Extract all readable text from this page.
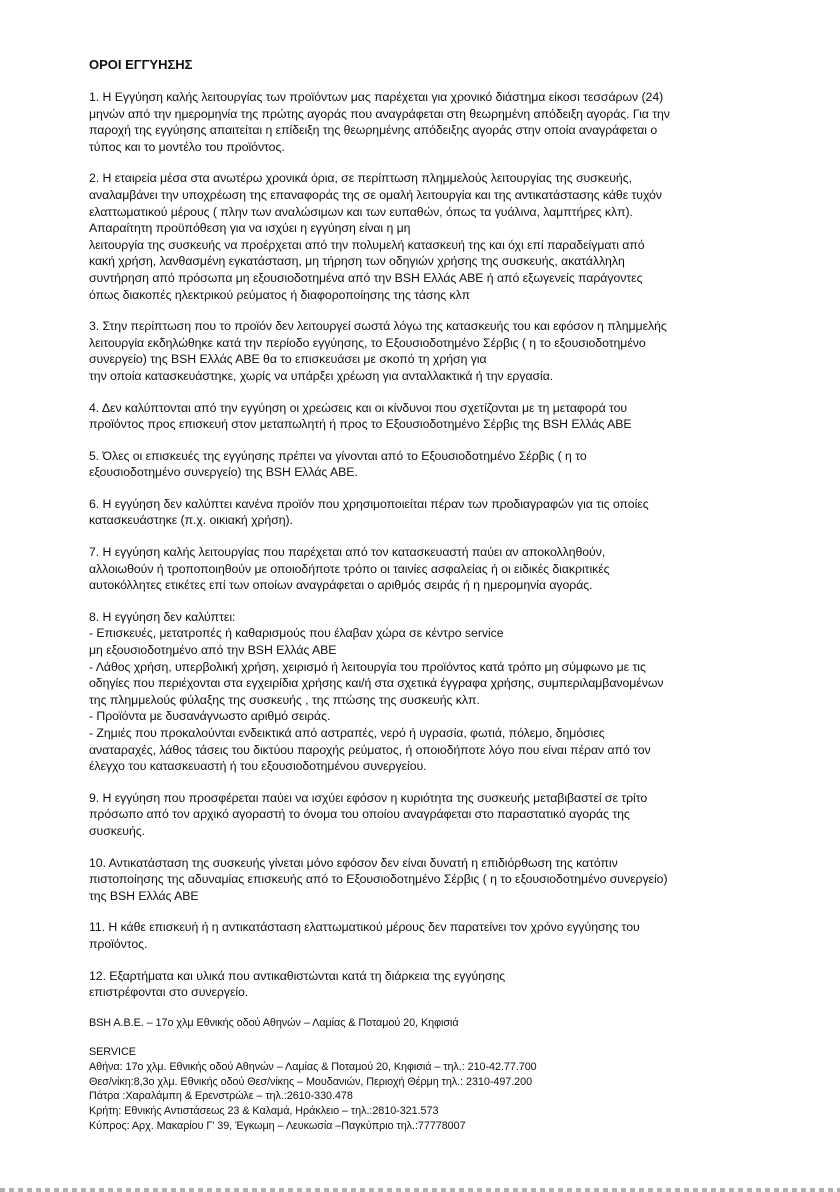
ΟΡΟΙ ΕΓΓΥΗΣΗΣ
1. Η Εγγύηση καλής λειτουργίας των προϊόντων μας παρέχεται για χρονικό διάστημα είκοσι τεσσάρων (24)
μηνών από την ημερομηνία της πρώτης αγοράς που αναγράφεται στη θεωρημένη απόδειξη αγοράς. Για την
παροχή της εγγύησης απαιτείται η επίδειξη της θεωρημένης απόδειξης αγοράς στην οποία αναγράφεται ο
τύπος και το μοντέλο του προϊόντος.
2. Η εταιρεία μέσα στα ανωτέρω χρονικά όρια, σε περίπτωση πλημμελούς λειτουργίας της συσκευής,
αναλαμβάνει την υποχρέωση της επαναφοράς της σε ομαλή λειτουργία και της αντικατάστασης κάθε τυχόν
ελαττωματικού μέρους ( πλην των αναλώσιμων και των ευπαθών, όπως τα γυάλινα, λαμπτήρες κλπ).
Απαραίτητη προϋπόθεση για να ισχύει η εγγύηση είναι η μη
λειτουργία της συσκευής να προέρχεται από την πολυμελή κατασκευή της και όχι επί παραδείγματι από
κακή χρήση, λανθασμένη εγκατάσταση, μη τήρηση των οδηγιών χρήσης της συσκευής, ακατάλληλη
συντήρηση από πρόσωπα μη εξουσιοδοτημένα από την BSH Ελλάς ΑΒΕ ή από εξωγενείς παράγοντες
όπως διακοπές ηλεκτρικού ρεύματος ή διαφοροποίησης της τάσης κλπ
3. Στην περίπτωση που το προϊόν δεν λειτουργεί σωστά λόγω της κατασκευής του και εφόσον η πλημμελής
λειτουργία εκδηλώθηκε κατά την περίοδο εγγύησης, το Εξουσιοδοτημένο Σέρβις ( η το εξουσιοδοτημένο
συνεργείο) της BSH Ελλάς ΑΒΕ θα το επισκευάσει με σκοπό τη χρήση για
την οποία κατασκευάστηκε, χωρίς να υπάρξει χρέωση για ανταλλακτικά ή την εργασία.
4. Δεν καλύπτονται από την εγγύηση οι χρεώσεις και οι κίνδυνοι που σχετίζονται με τη μεταφορά του
προϊόντος προς επισκευή στον μεταπωλητή ή προς το Εξουσιοδοτημένο Σέρβις της BSH Ελλάς ΑΒΕ
5. Όλες οι επισκευές της εγγύησης πρέπει να γίνονται από το Εξουσιοδοτημένο Σέρβις ( η το
εξουσιοδοτημένο συνεργείο) της BSH Ελλάς ΑΒΕ.
6. Η εγγύηση δεν καλύπτει κανένα προϊόν που χρησιμοποιείται πέραν των προδιαγραφών για τις οποίες
κατασκευάστηκε (π.χ. οικιακή χρήση).
7. Η εγγύηση καλής λειτουργίας που παρέχεται από τον κατασκευαστή παύει αν αποκολληθούν,
αλλοιωθούν ή τροποποιηθούν με οποιοδήποτε τρόπο οι ταινίες ασφαλείας ή οι ειδικές διακριτικές
αυτοκόλλητες ετικέτες επί των οποίων αναγράφεται ο αριθμός σειράς ή η ημερομηνία αγοράς.
8. Η εγγύηση δεν καλύπτει:
- Επισκευές, μετατροπές ή καθαρισμούς που έλαβαν χώρα σε κέντρο service
μη εξουσιοδοτημένο από την BSH Ελλάς ΑΒΕ
- Λάθος χρήση, υπερβολική χρήση, χειρισμό ή λειτουργία του προϊόντος κατά τρόπο μη σύμφωνο με τις
οδηγίες που περιέχονται στα εγχειρίδια χρήσης και/ή στα σχετικά έγγραφα χρήσης, συμπεριλαμβανομένων
της πλημμελούς φύλαξης της συσκευής , της πτώσης της συσκευής κλπ.
- Προϊόντα με δυσανάγνωστο αριθμό σειράς.
- Ζημιές που προκαλούνται ενδεικτικά από αστραπές, νερό ή υγρασία, φωτιά, πόλεμο, δημόσιες
αναταραχές, λάθος τάσεις του δικτύου παροχής ρεύματος, ή οποιοδήποτε λόγο που είναι πέραν από τον
έλεγχο του κατασκευαστή ή του εξουσιοδοτημένου συνεργείου.
9. Η εγγύηση που προσφέρεται παύει να ισχύει εφόσον η κυριότητα της συσκευής μεταβιβαστεί σε τρίτο
πρόσωπο από τον αρχικό αγοραστή το όνομα του οποίου αναγράφεται στο παραστατικό αγοράς της
συσκευής.
10. Αντικατάσταση της συσκευής γίνεται μόνο εφόσον δεν είναι δυνατή η επιδιόρθωση της κατόπιν
πιστοποίησης της αδυναμίας επισκευής από το Εξουσιοδοτημένο Σέρβις ( η το εξουσιοδοτημένο συνεργείο)
της BSH Ελλάς ΑΒΕ
11. Η κάθε επισκευή ή η αντικατάσταση ελαττωματικού μέρους δεν παρατείνει τον χρόνο εγγύησης του
προϊόντος.
12. Εξαρτήματα και υλικά που αντικαθιστώνται κατά τη διάρκεια της εγγύησης
επιστρέφονται στο συνεργείο.
BSH A.B.E. – 17ο χλμ Εθνικής οδού Αθηνών – Λαμίας & Ποταμού 20, Κηφισιά
SERVICE
Αθήνα: 17ο χλμ. Εθνικής οδού Αθηνών – Λαμίας & Ποταμού 20, Κηφισιά – τηλ.: 210-42.77.700
Θεσ/νίκη:8,3ο χλμ. Εθνικής οδού Θεσ/νίκης – Μουδανιών, Περιοχή Θέρμη τηλ.: 2310-497.200
Πάτρα :Χαραλάμπη & Ερενστρώλε – τηλ.:2610-330.478
Κρήτη: Εθνικής Αντιστάσεως 23 & Καλαμά, Ηράκλειο – τηλ.:2810-321.573
Κύπρος: Αρχ. Μακαρίου Γ' 39, Έγκωμη – Λευκωσία –Παγκύπριο τηλ.:77778007
